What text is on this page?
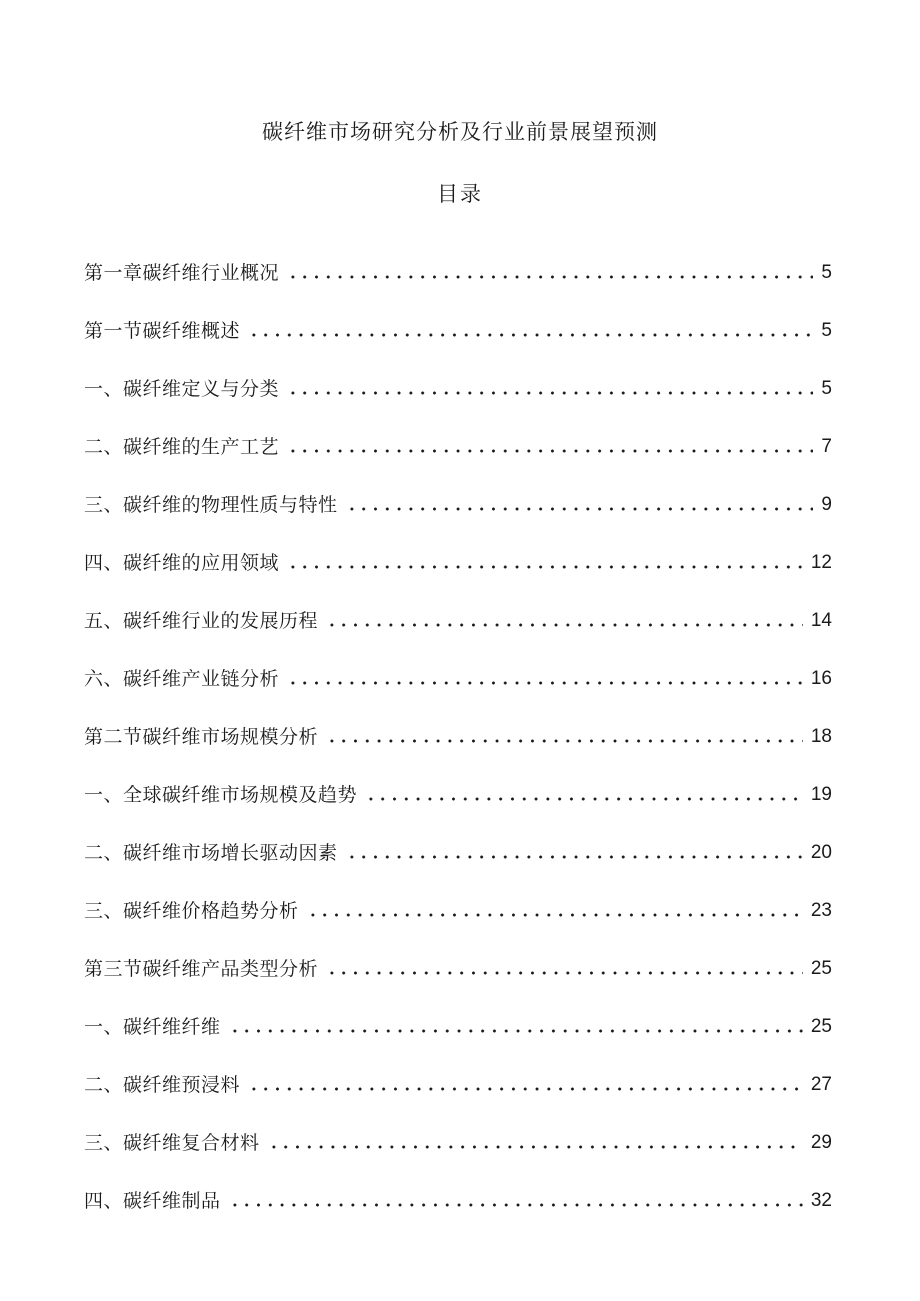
碳纤维市场研究分析及行业前景展望预测
目录
第一章碳纤维行业概况	5
第一节碳纤维概述	5
一、碳纤维定义与分类	5
二、碳纤维的生产工艺	7
三、碳纤维的物理性质与特性	9
四、碳纤维的应用领域	12
五、碳纤维行业的发展历程	14
六、碳纤维产业链分析	16
第二节碳纤维市场规模分析	18
一、全球碳纤维市场规模及趋势	19
二、碳纤维市场增长驱动因素	20
三、碳纤维价格趋势分析	23
第三节碳纤维产品类型分析	25
一、碳纤维纤维	25
二、碳纤维预浸料	27
三、碳纤维复合材料	29
四、碳纤维制品	32
